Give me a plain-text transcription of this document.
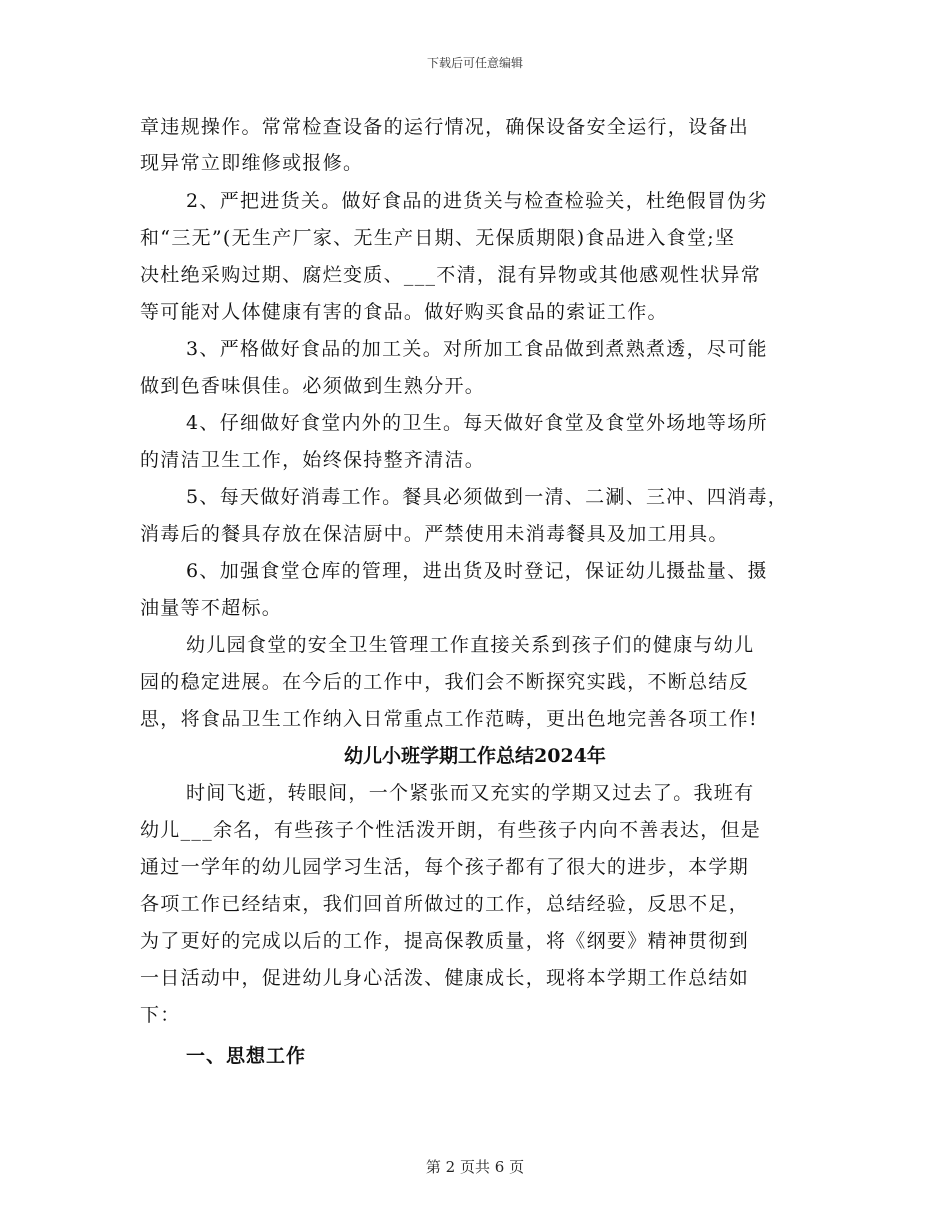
下载后可任意编辑
章违规操作。常常检查设备的运行情况，确保设备安全运行，设备出
现异常立即维修或报修。
2、严把进货关。做好食品的进货关与检查检验关，杜绝假冒伪劣
和“三无”(无生产厂家、无生产日期、无保质期限)食品进入食堂;坚
决杜绝采购过期、腐烂变质、___不清，混有异物或其他感观性状异常
等可能对人体健康有害的食品。做好购买食品的索证工作。
3、严格做好食品的加工关。对所加工食品做到煮熟煮透，尽可能
做到色香味俱佳。必须做到生熟分开。
4、仔细做好食堂内外的卫生。每天做好食堂及食堂外场地等场所
的清洁卫生工作，始终保持整齐清洁。
5、每天做好消毒工作。餐具必须做到一清、二涮、三冲、四消毒，
消毒后的餐具存放在保洁厨中。严禁使用未消毒餐具及加工用具。
6、加强食堂仓库的管理，进出货及时登记，保证幼儿摄盐量、摄
油量等不超标。
幼儿园食堂的安全卫生管理工作直接关系到孩子们的健康与幼儿
园的稳定进展。在今后的工作中，我们会不断探究实践，不断总结反
思，将食品卫生工作纳入日常重点工作范畴，更出色地完善各项工作!
幼儿小班学期工作总结2024年
时间飞逝，转眼间，一个紧张而又充实的学期又过去了。我班有
幼儿___余名，有些孩子个性活泼开朗，有些孩子内向不善表达，但是
通过一学年的幼儿园学习生活，每个孩子都有了很大的进步，本学期
各项工作已经结束，我们回首所做过的工作，总结经验，反思不足，
为了更好的完成以后的工作，提高保教质量，将《纲要》精神贯彻到
一日活动中，促进幼儿身心活泼、健康成长，现将本学期工作总结如
下：
一、思想工作
第 2 页共 6 页
